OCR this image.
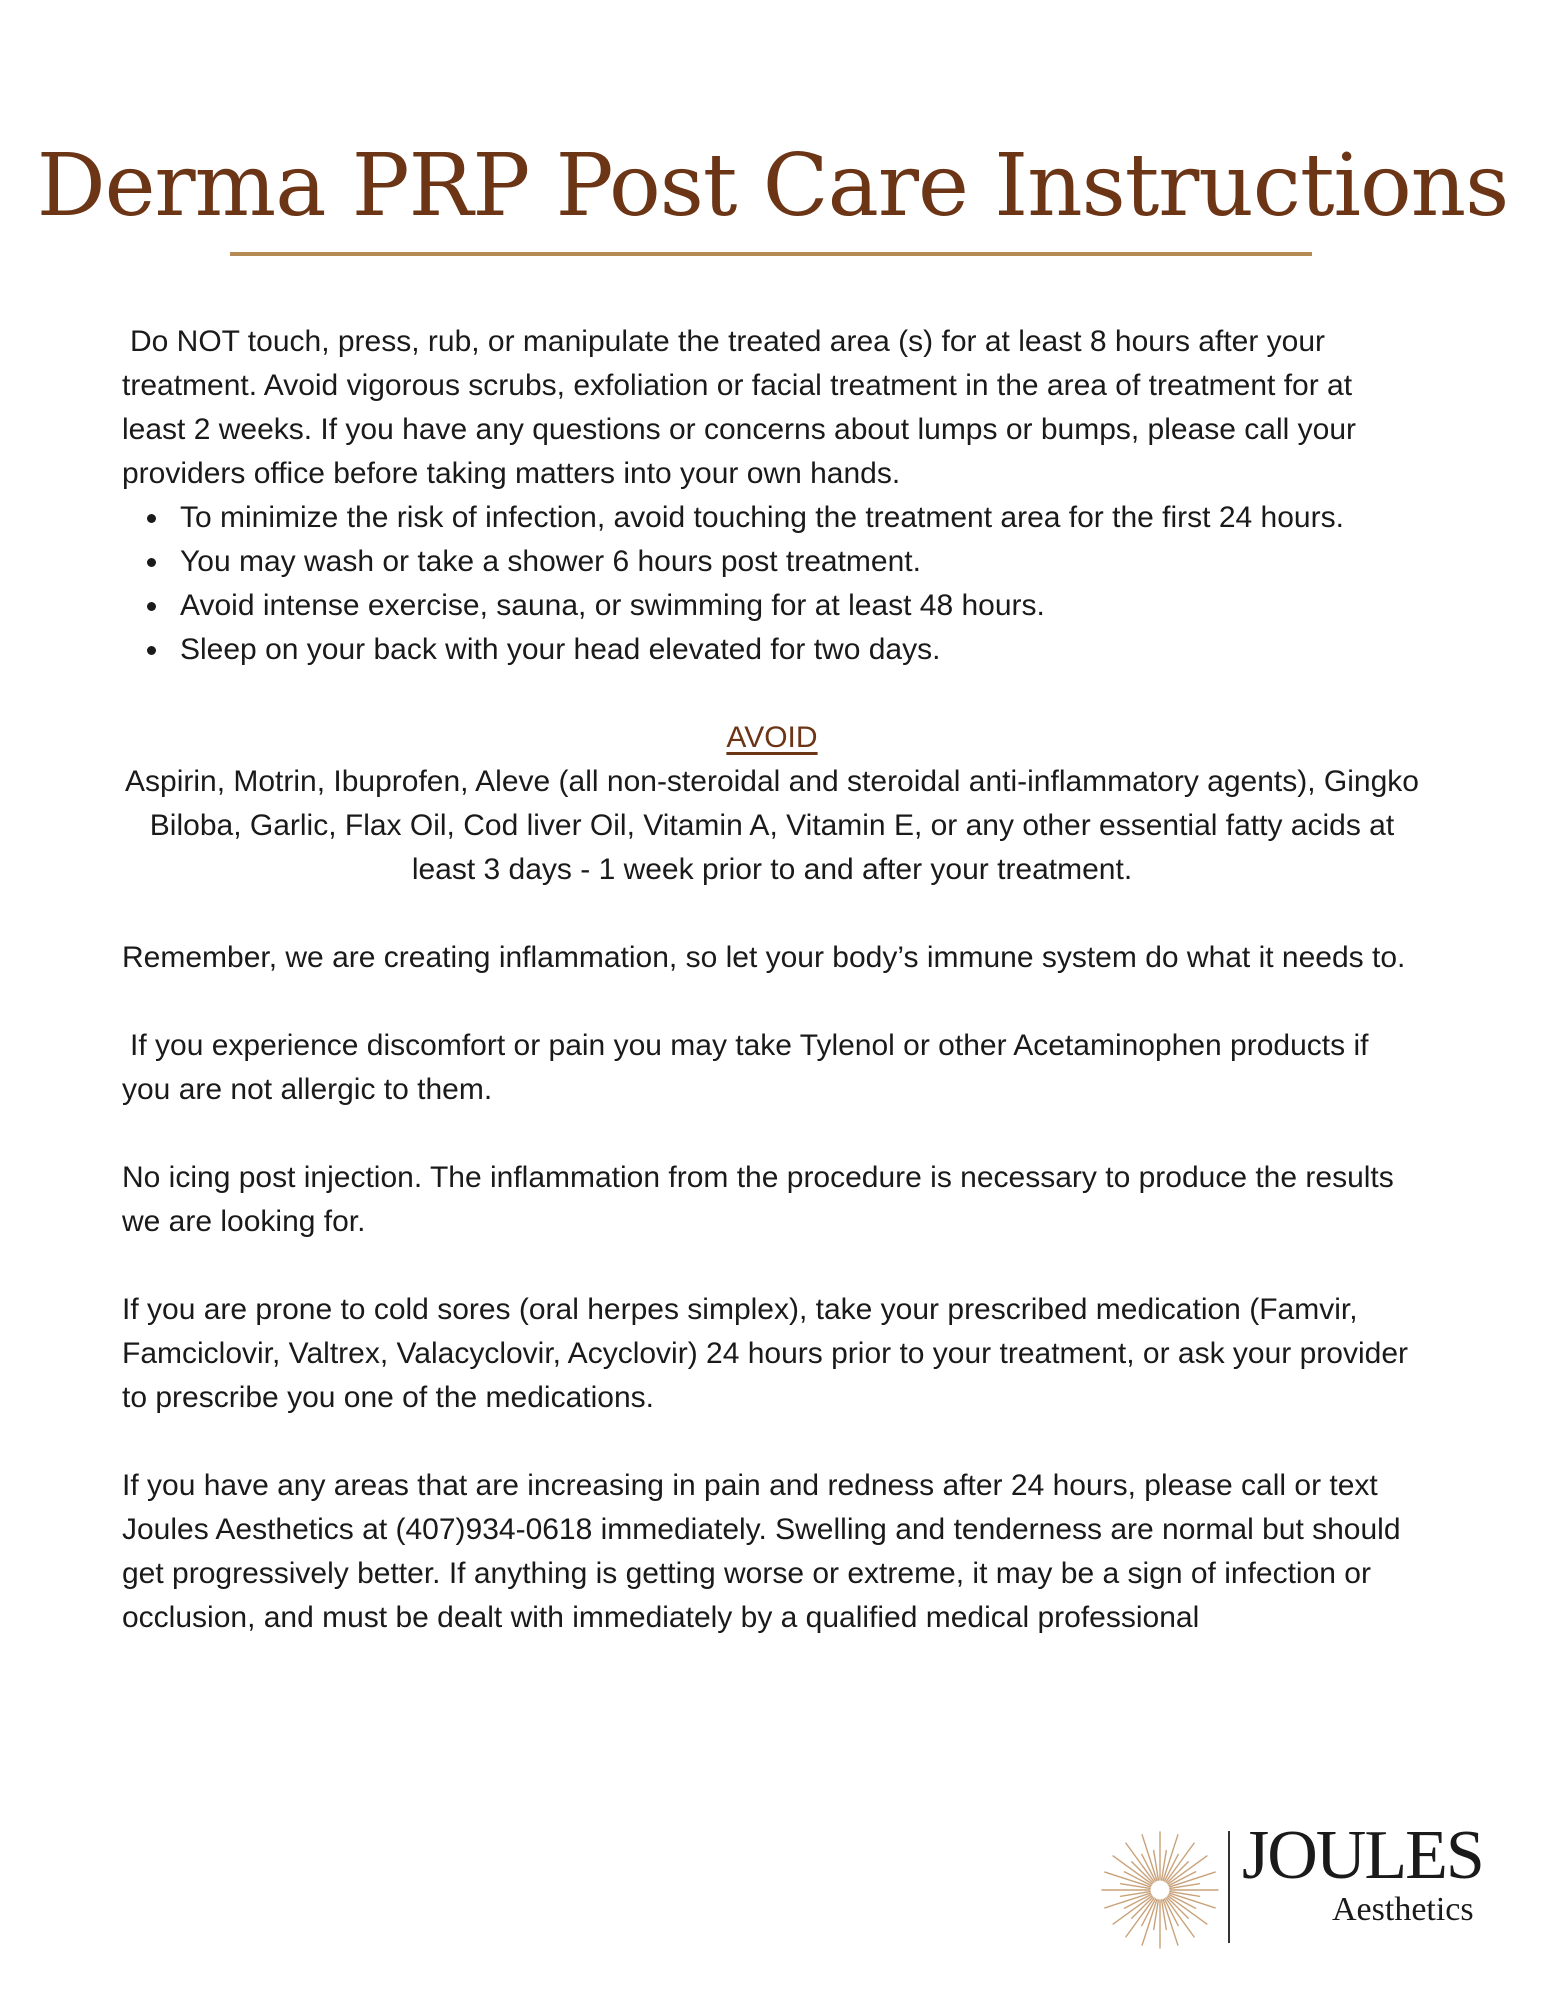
Derma PRP Post Care Instructions

Do NOT touch, press, rub, or manipulate the treated area (s) for at least 8 hours after your treatment. Avoid vigorous scrubs, exfoliation or facial treatment in the area of treatment for at least 2 weeks. If you have any questions or concerns about lumps or bumps, please call your providers office before taking matters into your own hands.

To minimize the risk of infection, avoid touching the treatment area for the first 24 hours.
You may wash or take a shower 6 hours post treatment.
Avoid intense exercise, sauna, or swimming for at least 48 hours.
Sleep on your back with your head elevated for two days.

AVOID

Aspirin, Motrin, Ibuprofen, Aleve (all non-steroidal and steroidal anti-inflammatory agents), Gingko Biloba, Garlic, Flax Oil, Cod liver Oil, Vitamin A, Vitamin E, or any other essential fatty acids at least 3 days - 1 week prior to and after your treatment.

Remember, we are creating inflammation, so let your body’s immune system do what it needs to.

If you experience discomfort or pain you may take Tylenol or other Acetaminophen products if you are not allergic to them.

No icing post injection. The inflammation from the procedure is necessary to produce the results we are looking for.

If you are prone to cold sores (oral herpes simplex), take your prescribed medication (Famvir, Famciclovir, Valtrex, Valacyclovir, Acyclovir) 24 hours prior to your treatment, or ask your provider to prescribe you one of the medications.

If you have any areas that are increasing in pain and redness after 24 hours, please call or text Joules Aesthetics at (407)934-0618 immediately. Swelling and tenderness are normal but should get progressively better. If anything is getting worse or extreme, it may be a sign of infection or occlusion, and must be dealt with immediately by a qualified medical professional

JOULES
Aesthetics
